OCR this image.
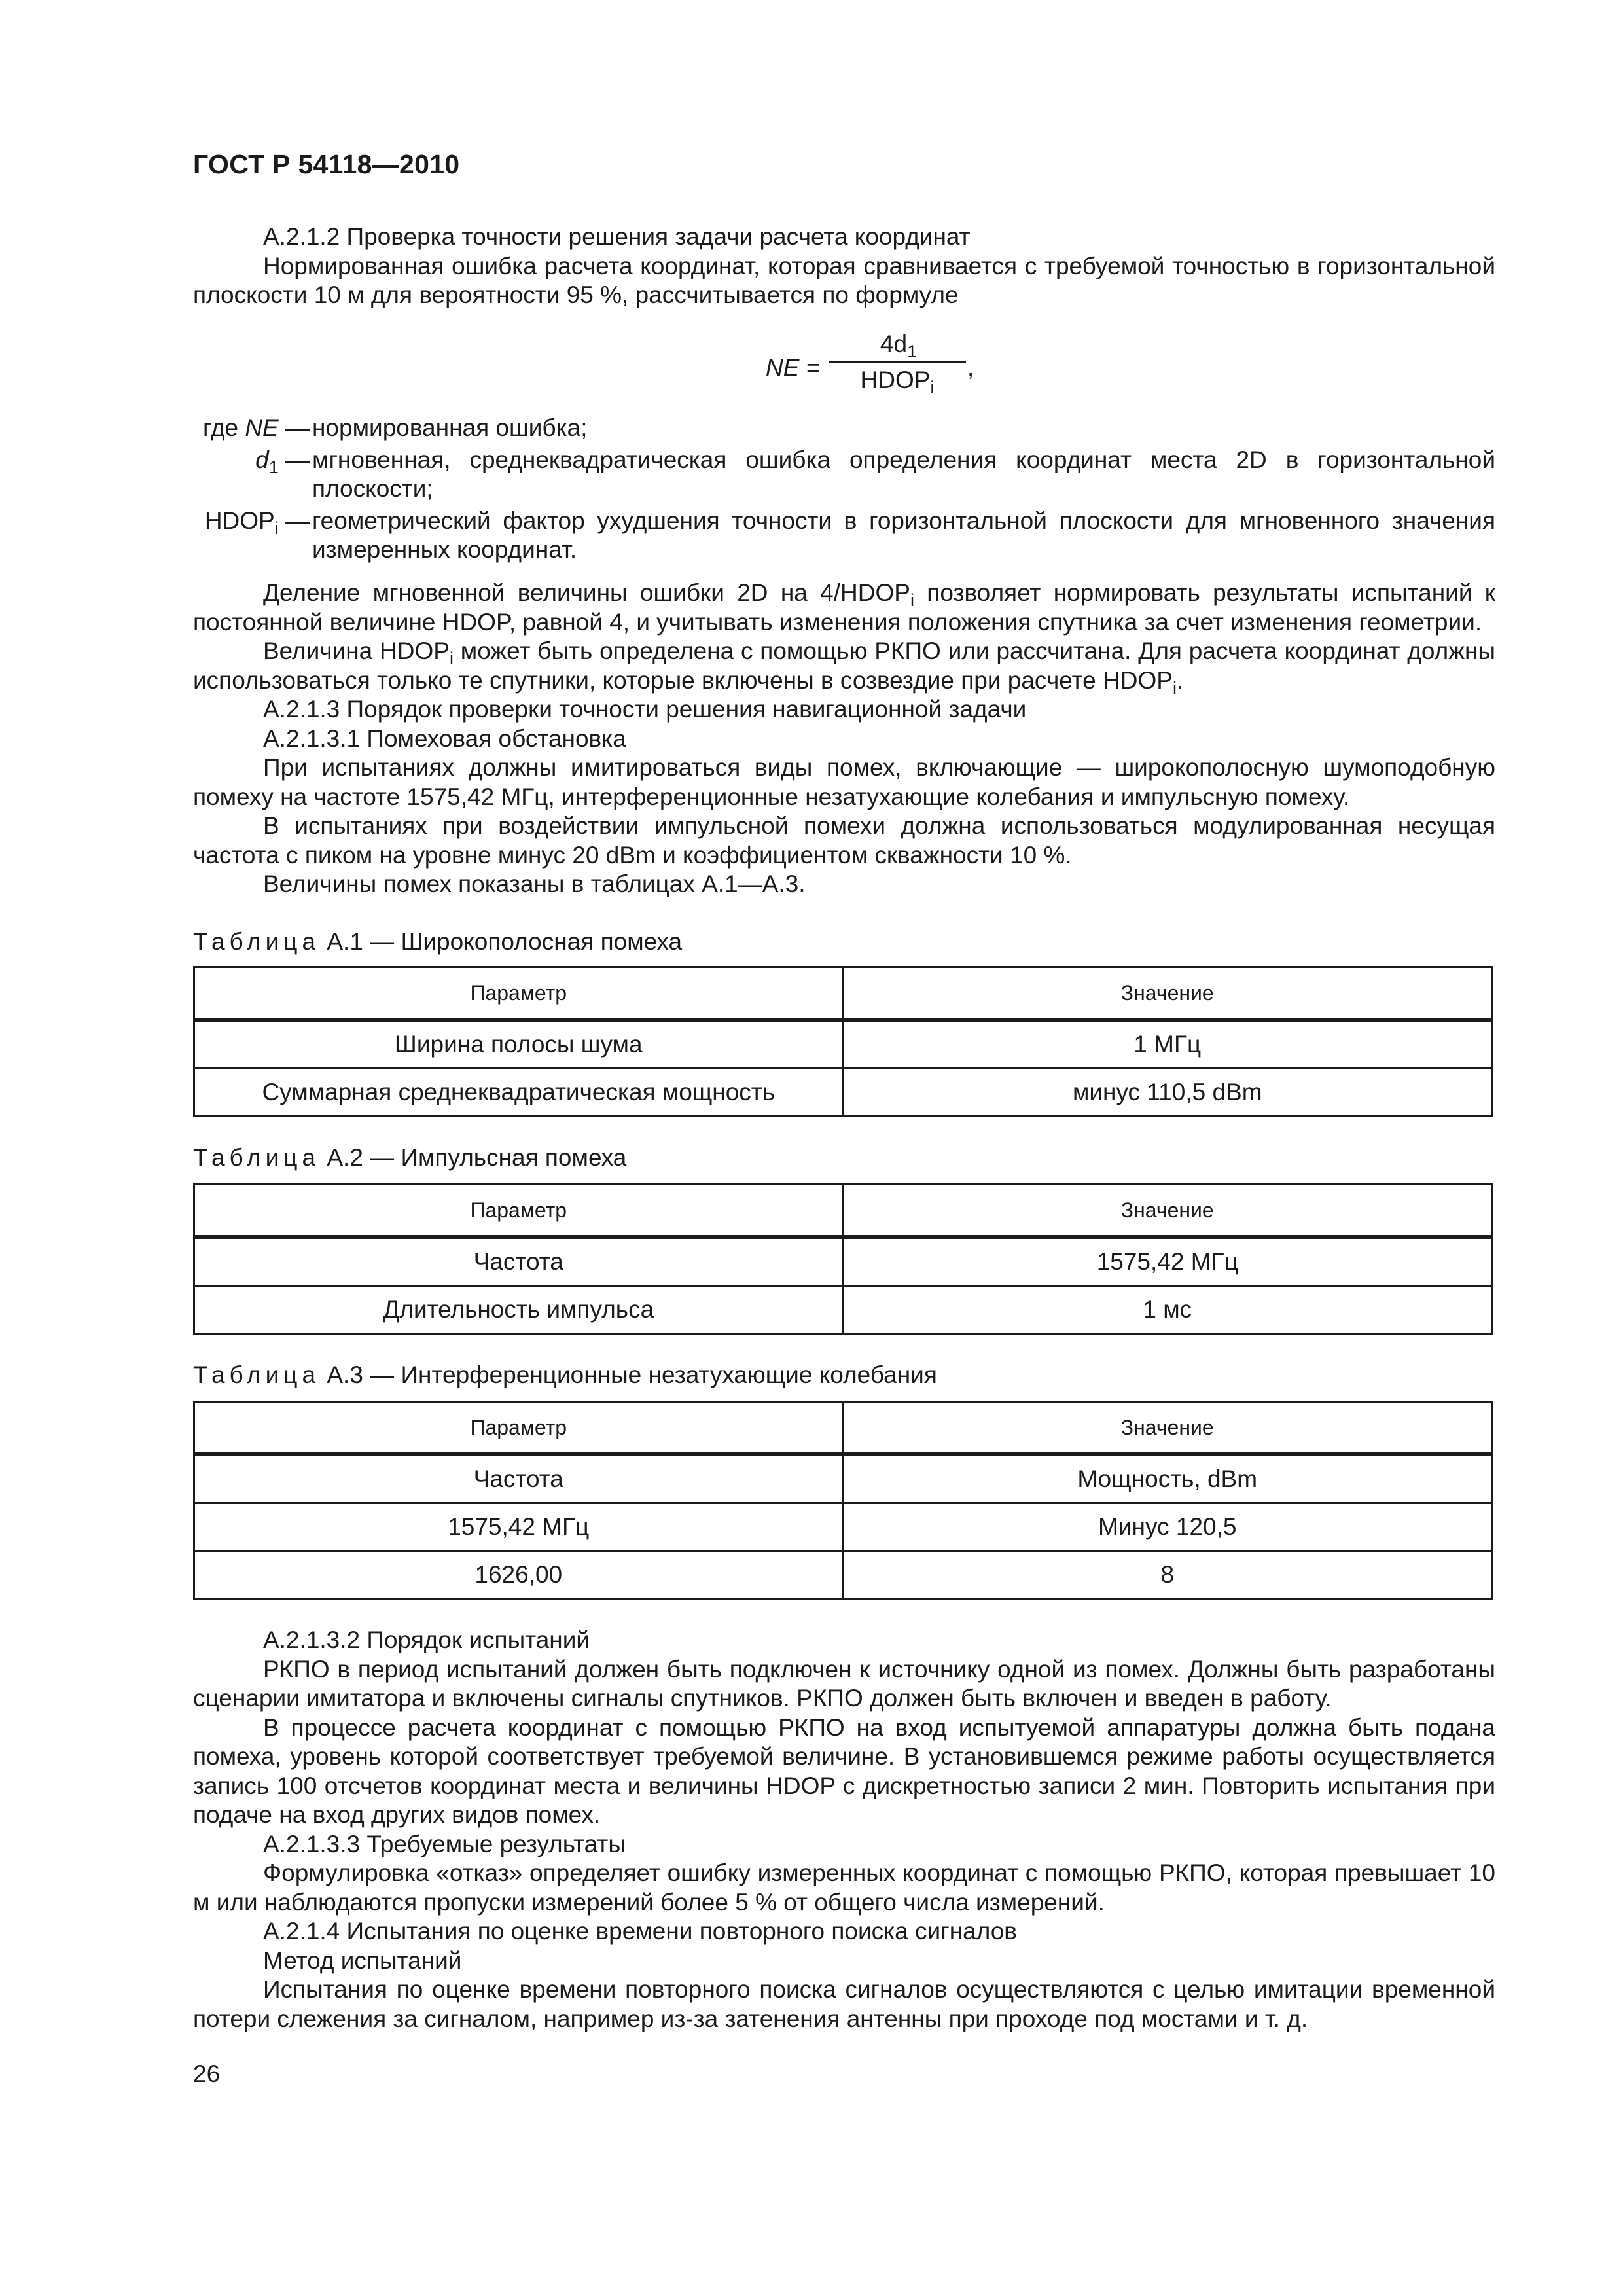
ГОСТ Р 54118—2010

А.2.1.2 Проверка точности решения задачи расчета координат

Нормированная ошибка расчета координат, которая сравнивается с требуемой точностью в горизонтальной плоскости 10 м для вероятности 95 %, рассчитывается по формуле

NE =
$4d_1$
$HDOP_i$
,
где NE — нормированная ошибка;
$d_1$ — мгновенная, среднеквадратическая ошибка определения координат места 2D в горизонтальной плоскости;
$HDOP_i$ — геометрический фактор ухудшения точности в горизонтальной плоскости для мгновенного значения измеренных координат.

Деление мгновенной величины ошибки 2D на $4/HDOP_i$ позволяет нормировать результаты испытаний к постоянной величине HDOP, равной 4, и учитывать изменения положения спутника за счет изменения геометрии.

Величина $HDOP_i$ может быть определена с помощью РКПО или рассчитана. Для расчета координат должны использоваться только те спутники, которые включены в созвездие при расчете $HDOP_i$.

А.2.1.3 Порядок проверки точности решения навигационной задачи

А.2.1.3.1 Помеховая обстановка

При испытаниях должны имитироваться виды помех, включающие — широкополосную шумоподобную помеху на частоте 1575,42 МГц, интерференционные незатухающие колебания и импульсную помеху.

В испытаниях при воздействии импульсной помехи должна использоваться модулированная несущая частота с пиком на уровне минус 20 dBm и коэффициентом скважности 10 %.

Величины помех показаны в таблицах А.1—А.3.

Таблица А.1 — Широкополосная помеха
Параметр	Значение
Ширина полосы шума	1 МГц
Суммарная среднеквадратическая мощность	минус 110,5 dBm
Таблица А.2 — Импульсная помеха
Параметр	Значение
Частота	1575,42 МГц
Длительность импульса	1 мс
Таблица А.3 — Интерференционные незатухающие колебания
Параметр	Значение
Частота	Мощность, dBm
1575,42 МГц	Минус 120,5
1626,00	8

А.2.1.3.2 Порядок испытаний

РКПО в период испытаний должен быть подключен к источнику одной из помех. Должны быть разработаны сценарии имитатора и включены сигналы спутников. РКПО должен быть включен и введен в работу.

В процессе расчета координат с помощью РКПО на вход испытуемой аппаратуры должна быть подана помеха, уровень которой соответствует требуемой величине. В установившемся режиме работы осуществляется запись 100 отсчетов координат места и величины HDOP с дискретностью записи 2 мин. Повторить испытания при подаче на вход других видов помех.

А.2.1.3.3 Требуемые результаты

Формулировка «отказ» определяет ошибку измеренных координат с помощью РКПО, которая превышает 10 м или наблюдаются пропуски измерений более 5 % от общего числа измерений.

А.2.1.4 Испытания по оценке времени повторного поиска сигналов

Метод испытаний

Испытания по оценке времени повторного поиска сигналов осуществляются с целью имитации временной потери слежения за сигналом, например из-за затенения антенны при проходе под мостами и т. д.

26
